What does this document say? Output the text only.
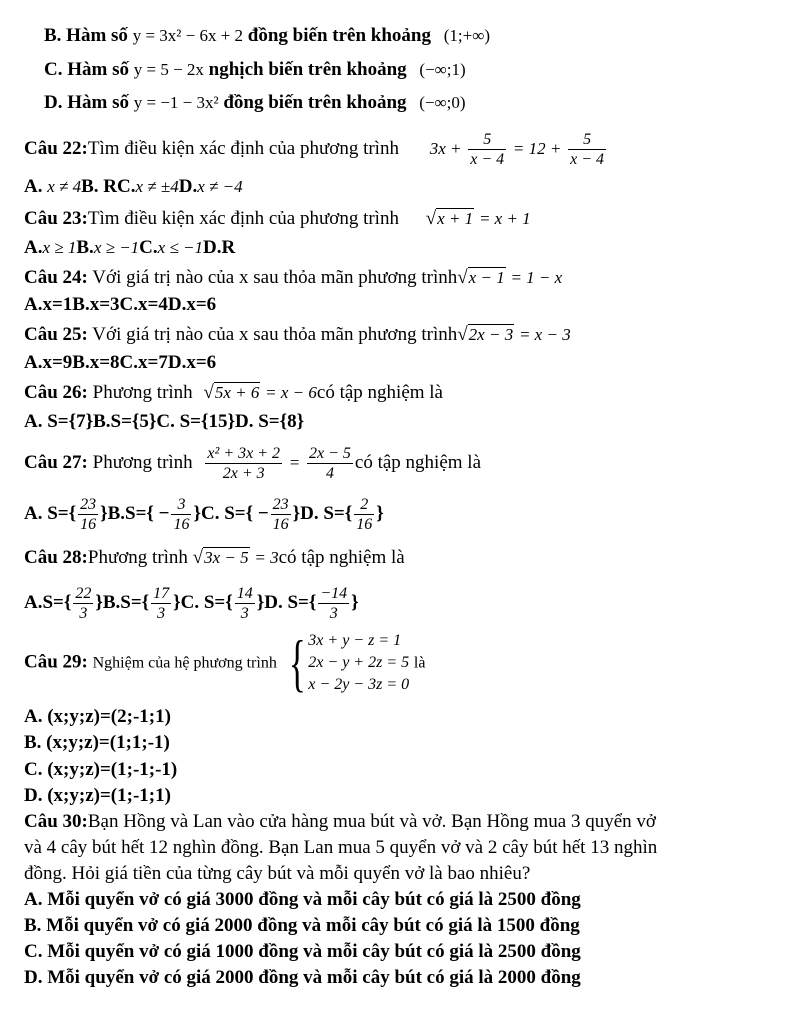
B. Hàm số y = 3x² − 6x + 2 đồng biến trên khoảng (1;+∞)
C. Hàm số y = 5 − 2x nghịch biến trên khoảng (−∞;1)
D. Hàm số y = −1 − 3x² đồng biến trên khoảng (−∞;0)
Câu 22:Tìm điều kiện xác định của phương trình $3x + \frac{5}{x - 4} = 12 + \frac{5}{x - 4}$
A. x ≠ 4B. RC.x ≠ ±4D.x ≠ −4
Câu 23:Tìm điều kiện xác định của phương trình √x + 1 = x + 1
A.x ≥ 1B.x ≥ −1C.x ≤ −1D.R
Câu 24: Với giá trị nào của x sau thỏa mãn phương trình√x − 1 = 1 − x
A.x=1B.x=3C.x=4D.x=6
Câu 25: Với giá trị nào của x sau thỏa mãn phương trình√2x − 3 = x − 3
A.x=9B.x=8C.x=7D.x=6
Câu 26: Phương trình √5x + 6 = x − 6có tập nghiệm là
A. S={7}B.S={5}C. S={15}D. S={8}
Câu 27: Phương trình $\frac{\text{x² + 3x + 2}}{2x + 3} = \frac{2x - 5}{4}$ có tập nghiệm là
A. $S=\{ \frac{23}{16} \}B.S=\{ - \frac{3}{16} \}C$. $S=\{ - \frac{23}{16} \}D$. $S=\{ \frac{2}{16}$ }
Câu 28:Phương trình √3x − 5 = 3có tập nghiệm là
$A.S=\{ \frac{22}{3} \}B.S=\{ \frac{17}{3} \}C$. $S=\{ \frac{14}{3} \}D$. $S=\{ \frac{-14}{3}$ }
Câu 29: Nghiệm của hệ phương trình { 3x + y − z = 1
2x − y + 2z = 5
x − 2y − 3z = 0
là
A. (x;y;z)=(2;-1;1)
B. (x;y;z)=(1;1;-1)
C. (x;y;z)=(1;-1;-1)
D. (x;y;z)=(1;-1;1)
Câu 30:Bạn Hồng và Lan vào cửa hàng mua bút và vở. Bạn Hồng mua 3 quyển vở
và 4 cây bút hết 12 nghìn đồng. Bạn Lan mua 5 quyển vở và 2 cây bút hết 13 nghìn
đồng. Hỏi giá tiền của từng cây bút và mỗi quyển vở là bao nhiêu?
A. Mỗi quyển vở có giá 3000 đồng và mỗi cây bút có giá là 2500 đồng
B. Mỗi quyển vở có giá 2000 đồng và mỗi cây bút có giá là 1500 đồng
C. Mỗi quyển vở có giá 1000 đồng và mỗi cây bút có giá là 2500 đồng
D. Mỗi quyển vở có giá 2000 đồng và mỗi cây bút có giá là 2000 đồng
